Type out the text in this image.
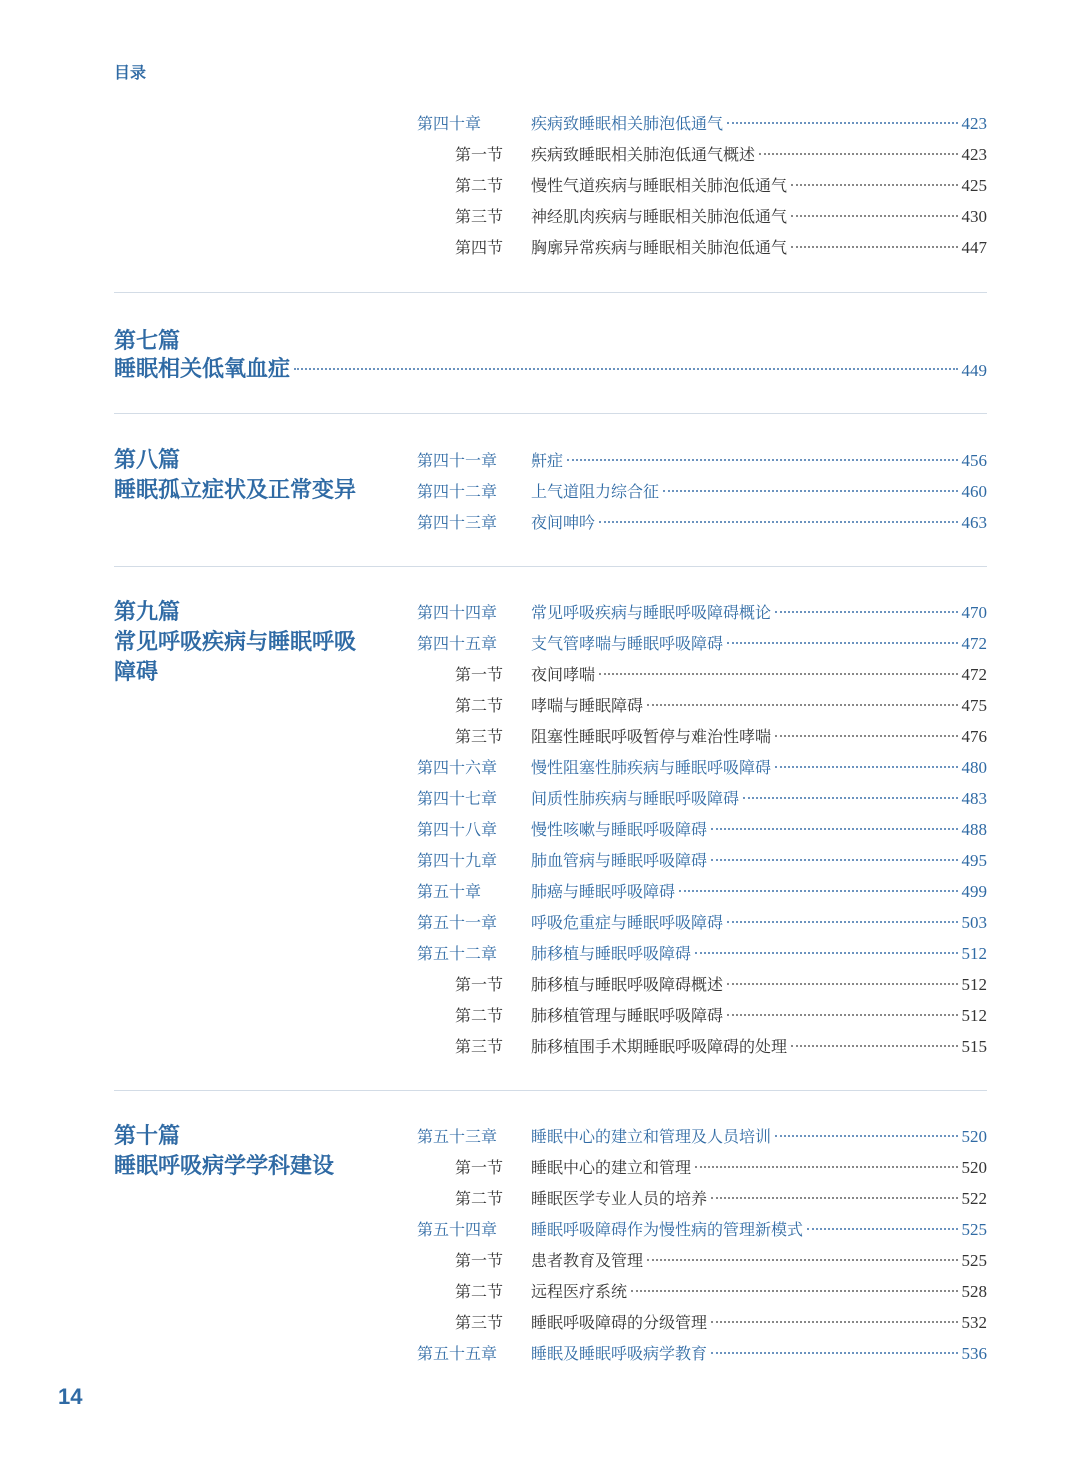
目录
第四十章	疾病致睡眠相关肺泡低通气	423
第一节	疾病致睡眠相关肺泡低通气概述	423
第二节	慢性气道疾病与睡眠相关肺泡低通气	425
第三节	神经肌肉疾病与睡眠相关肺泡低通气	430
第四节	胸廓异常疾病与睡眠相关肺泡低通气	447
第七篇
睡眠相关低氧血症	449
第八篇
睡眠孤立症状及正常变异
第四十一章	鼾症	456
第四十二章	上气道阻力综合征	460
第四十三章	夜间呻吟	463
第九篇
常见呼吸疾病与睡眠呼吸
障碍
第四十四章	常见呼吸疾病与睡眠呼吸障碍概论	470
第四十五章	支气管哮喘与睡眠呼吸障碍	472
第一节	夜间哮喘	472
第二节	哮喘与睡眠障碍	475
第三节	阻塞性睡眠呼吸暂停与难治性哮喘	476
第四十六章	慢性阻塞性肺疾病与睡眠呼吸障碍	480
第四十七章	间质性肺疾病与睡眠呼吸障碍	483
第四十八章	慢性咳嗽与睡眠呼吸障碍	488
第四十九章	肺血管病与睡眠呼吸障碍	495
第五十章	肺癌与睡眠呼吸障碍	499
第五十一章	呼吸危重症与睡眠呼吸障碍	503
第五十二章	肺移植与睡眠呼吸障碍	512
第一节	肺移植与睡眠呼吸障碍概述	512
第二节	肺移植管理与睡眠呼吸障碍	512
第三节	肺移植围手术期睡眠呼吸障碍的处理	515
第十篇
睡眠呼吸病学学科建设
第五十三章	睡眠中心的建立和管理及人员培训	520
第一节	睡眠中心的建立和管理	520
第二节	睡眠医学专业人员的培养	522
第五十四章	睡眠呼吸障碍作为慢性病的管理新模式	525
第一节	患者教育及管理	525
第二节	远程医疗系统	528
第三节	睡眠呼吸障碍的分级管理	532
第五十五章	睡眠及睡眠呼吸病学教育	536
14
